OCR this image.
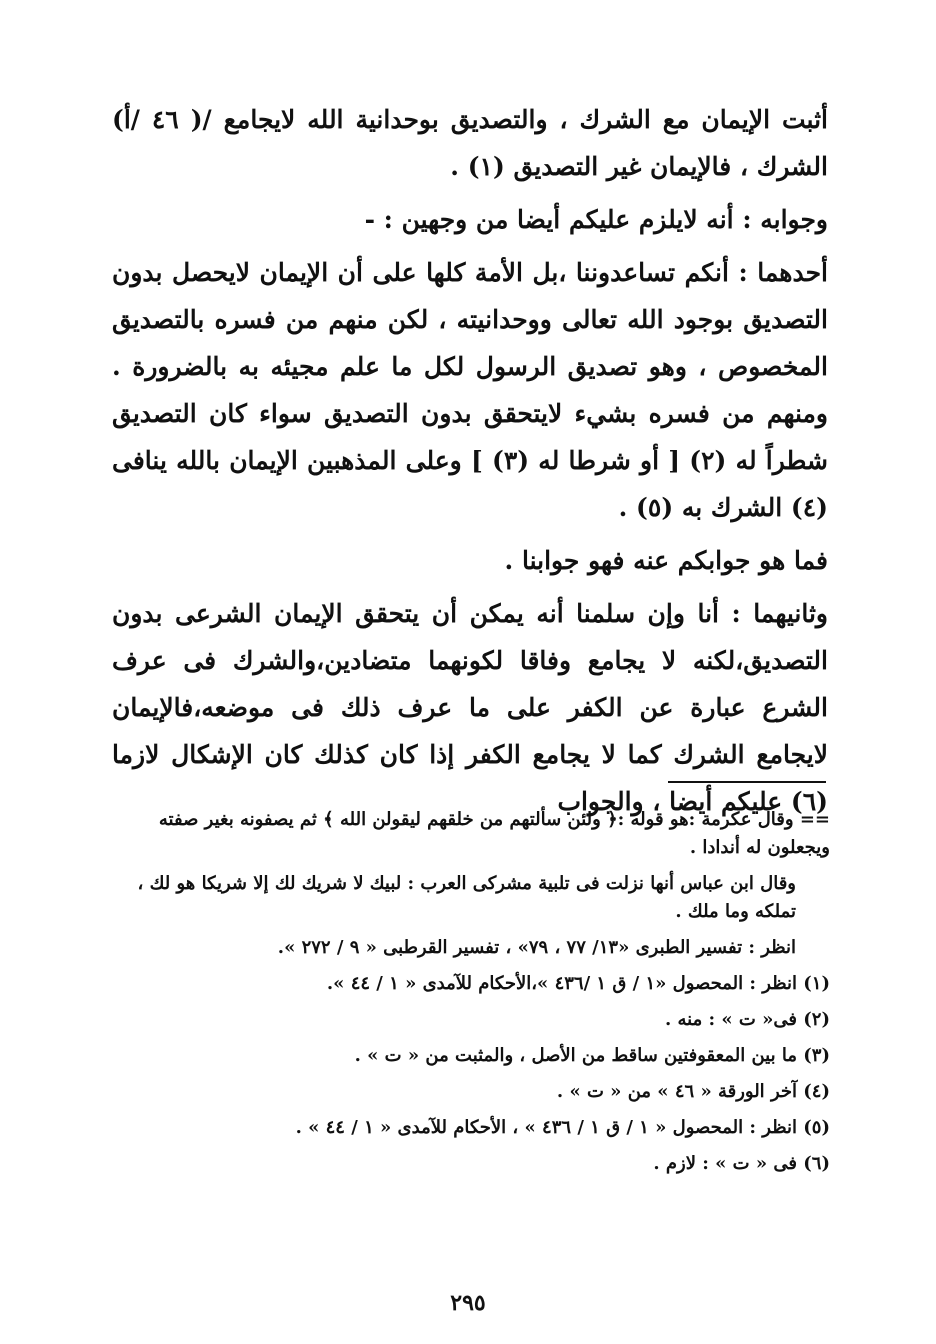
أثبت الإيمان مع الشرك ، والتصديق بوحدانية الله لايجامع /( ٤٦ /أ) الشرك ، فالإيمان غير التصديق (١) .

وجوابه : أنه لايلزم عليكم أيضا من وجهين : -

أحدهما : أنكم تساعدوننا ،بل الأمة كلها على أن الإيمان لايحصل بدون التصديق بوجود الله تعالى ووحدانيته ، لكن منهم من فسره بالتصديق المخصوص ، وهو تصديق الرسول لكل ما علم مجيئه به بالضرورة . ومنهم من فسره بشيء لايتحقق بدون التصديق سواء كان التصديق شطراً له (٢) [ أو شرطا له (٣) ] وعلى المذهبين الإيمان بالله ينافى (٤) الشرك به (٥) .

فما هو جوابكم عنه فهو جوابنا .

وثانيهما : أنا وإن سلمنا أنه يمكن أن يتحقق الإيمان الشرعى بدون التصديق،لكنه لا يجامع وفاقا لكونهما متضادين،والشرك فى عرف الشرع عبارة عن الكفر على ما عرف ذلك فى موضعه،فالإيمان لايجامع الشرك كما لا يجامع الكفر إذا كان كذلك كان الإشكال لازما (٦) عليكم أيضا ، والجواب

== وقال عكرمة :هو قوله :﴿ ولئن سألتهم من خلقهم ليقولن الله ﴾ ثم يصفونه بغير صفته ويجعلون له أندادا .

وقال ابن عباس أنها نزلت فى تلبية مشركى العرب : لبيك لا شريك لك إلا شريكا هو لك ، تملكه وما ملك .

انظر : تفسير الطبرى «١٣/ ٧٧ ، ٧٩» ، تفسير القرطبى « ٩ / ٢٧٢ ».

(١) انظر : المحصول «١ / ق ١ /٤٣٦ »،الأحكام للآمدى « ١ / ٤٤ ».

(٢) فى« ت » : منه .

(٣) ما بين المعقوفتين ساقط من الأصل ، والمثبت من « ت » .

(٤) آخر الورقة « ٤٦ » من « ت » .

(٥) انظر : المحصول « ١ / ق ١ / ٤٣٦ » ، الأحكام للآمدى « ١ / ٤٤ » .

(٦) فى « ت » : لازم .

٢٩٥
